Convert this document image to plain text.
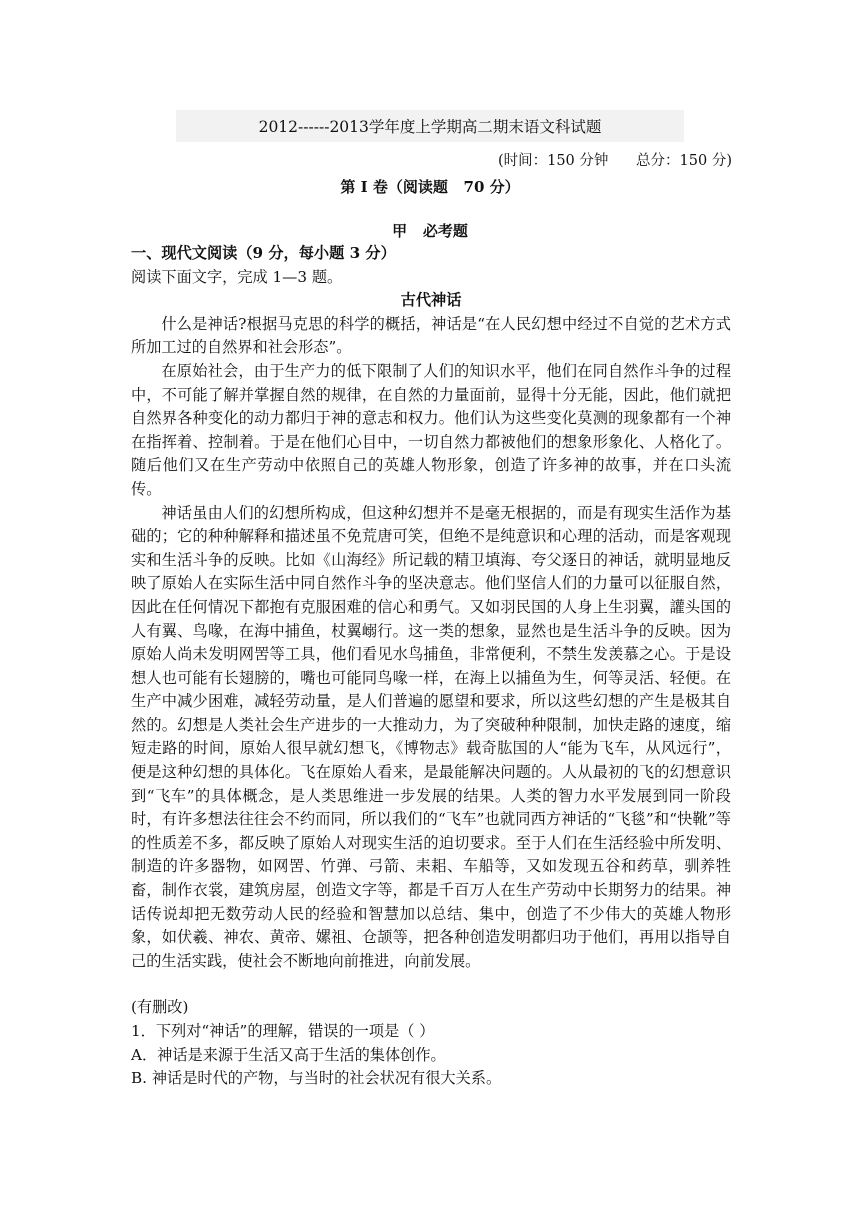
2012------2013学年度上学期高二期末语文科试题
(时间：150 分钟      总分：150 分)
第 I 卷（阅读题   70 分）
甲   必考题
一、现代文阅读（9 分，每小题 3 分）
阅读下面文字，完成 1—3 题。
古代神话

什么是神话?根据马克思的科学的概括，神话是“在人民幻想中经过不自觉的艺术方式所加工过的自然界和社会形态”。

在原始社会，由于生产力的低下限制了人们的知识水平，他们在同自然作斗争的过程中，不可能了解并掌握自然的规律，在自然的力量面前，显得十分无能，因此，他们就把自然界各种变化的动力都归于神的意志和权力。他们认为这些变化莫测的现象都有一个神在指挥着、控制着。于是在他们心目中，一切自然力都被他们的想象形象化、人格化了。随后他们又在生产劳动中依照自己的英雄人物形象，创造了许多神的故事，并在口头流传。

神话虽由人们的幻想所构成，但这种幻想并不是毫无根据的，而是有现实生活作为基础的；它的种种解释和描述虽不免荒唐可笑，但绝不是纯意识和心理的活动，而是客观现实和生活斗争的反映。比如《山海经》所记载的精卫填海、夸父逐日的神话，就明显地反映了原始人在实际生活中同自然作斗争的坚决意志。他们坚信人们的力量可以征服自然，因此在任何情况下都抱有克服困难的信心和勇气。又如羽民国的人身上生羽翼，讙头国的人有翼、鸟喙，在海中捕鱼，杖翼嵶行。这一类的想象，显然也是生活斗争的反映。因为原始人尚未发明网罟等工具，他们看见水鸟捕鱼，非常便利，不禁生发羡慕之心。于是设想人也可能有长翅膀的，嘴也可能同鸟喙一样，在海上以捕鱼为生，何等灵活、轻便。在生产中减少困难，减轻劳动量，是人们普遍的愿望和要求，所以这些幻想的产生是极其自然的。幻想是人类社会生产进步的一大推动力，为了突破种种限制，加快走路的速度，缩短走路的时间，原始人很早就幻想飞，《博物志》载奇肱国的人“能为飞车，从风远行”，便是这种幻想的具体化。飞在原始人看来，是最能解决问题的。人从最初的飞的幻想意识到“飞车”的具体概念，是人类思维进一步发展的结果。人类的智力水平发展到同一阶段时，有许多想法往往会不约而同，所以我们的“飞车”也就同西方神话的“飞毯”和“快靴”等的性质差不多，都反映了原始人对现实生活的迫切要求。至于人们在生活经验中所发明、制造的许多器物，如网罟、竹弹、弓箭、耒耜、车船等，又如发现五谷和药草，驯养牲畜，制作衣裳，建筑房屋，创造文字等，都是千百万人在生产劳动中长期努力的结果。神话传说却把无数劳动人民的经验和智慧加以总结、集中，创造了不少伟大的英雄人物形象，如伏羲、神农、黄帝、嫘祖、仓颉等，把各种创造发明都归功于他们，再用以指导自己的生活实践，使社会不断地向前推进，向前发展。

(有删改)
1．下列对“神话”的理解，错误的一项是（ ）
A．神话是来源于生活又高于生活的集体创作。
B. 神话是时代的产物，与当时的社会状况有很大关系。
